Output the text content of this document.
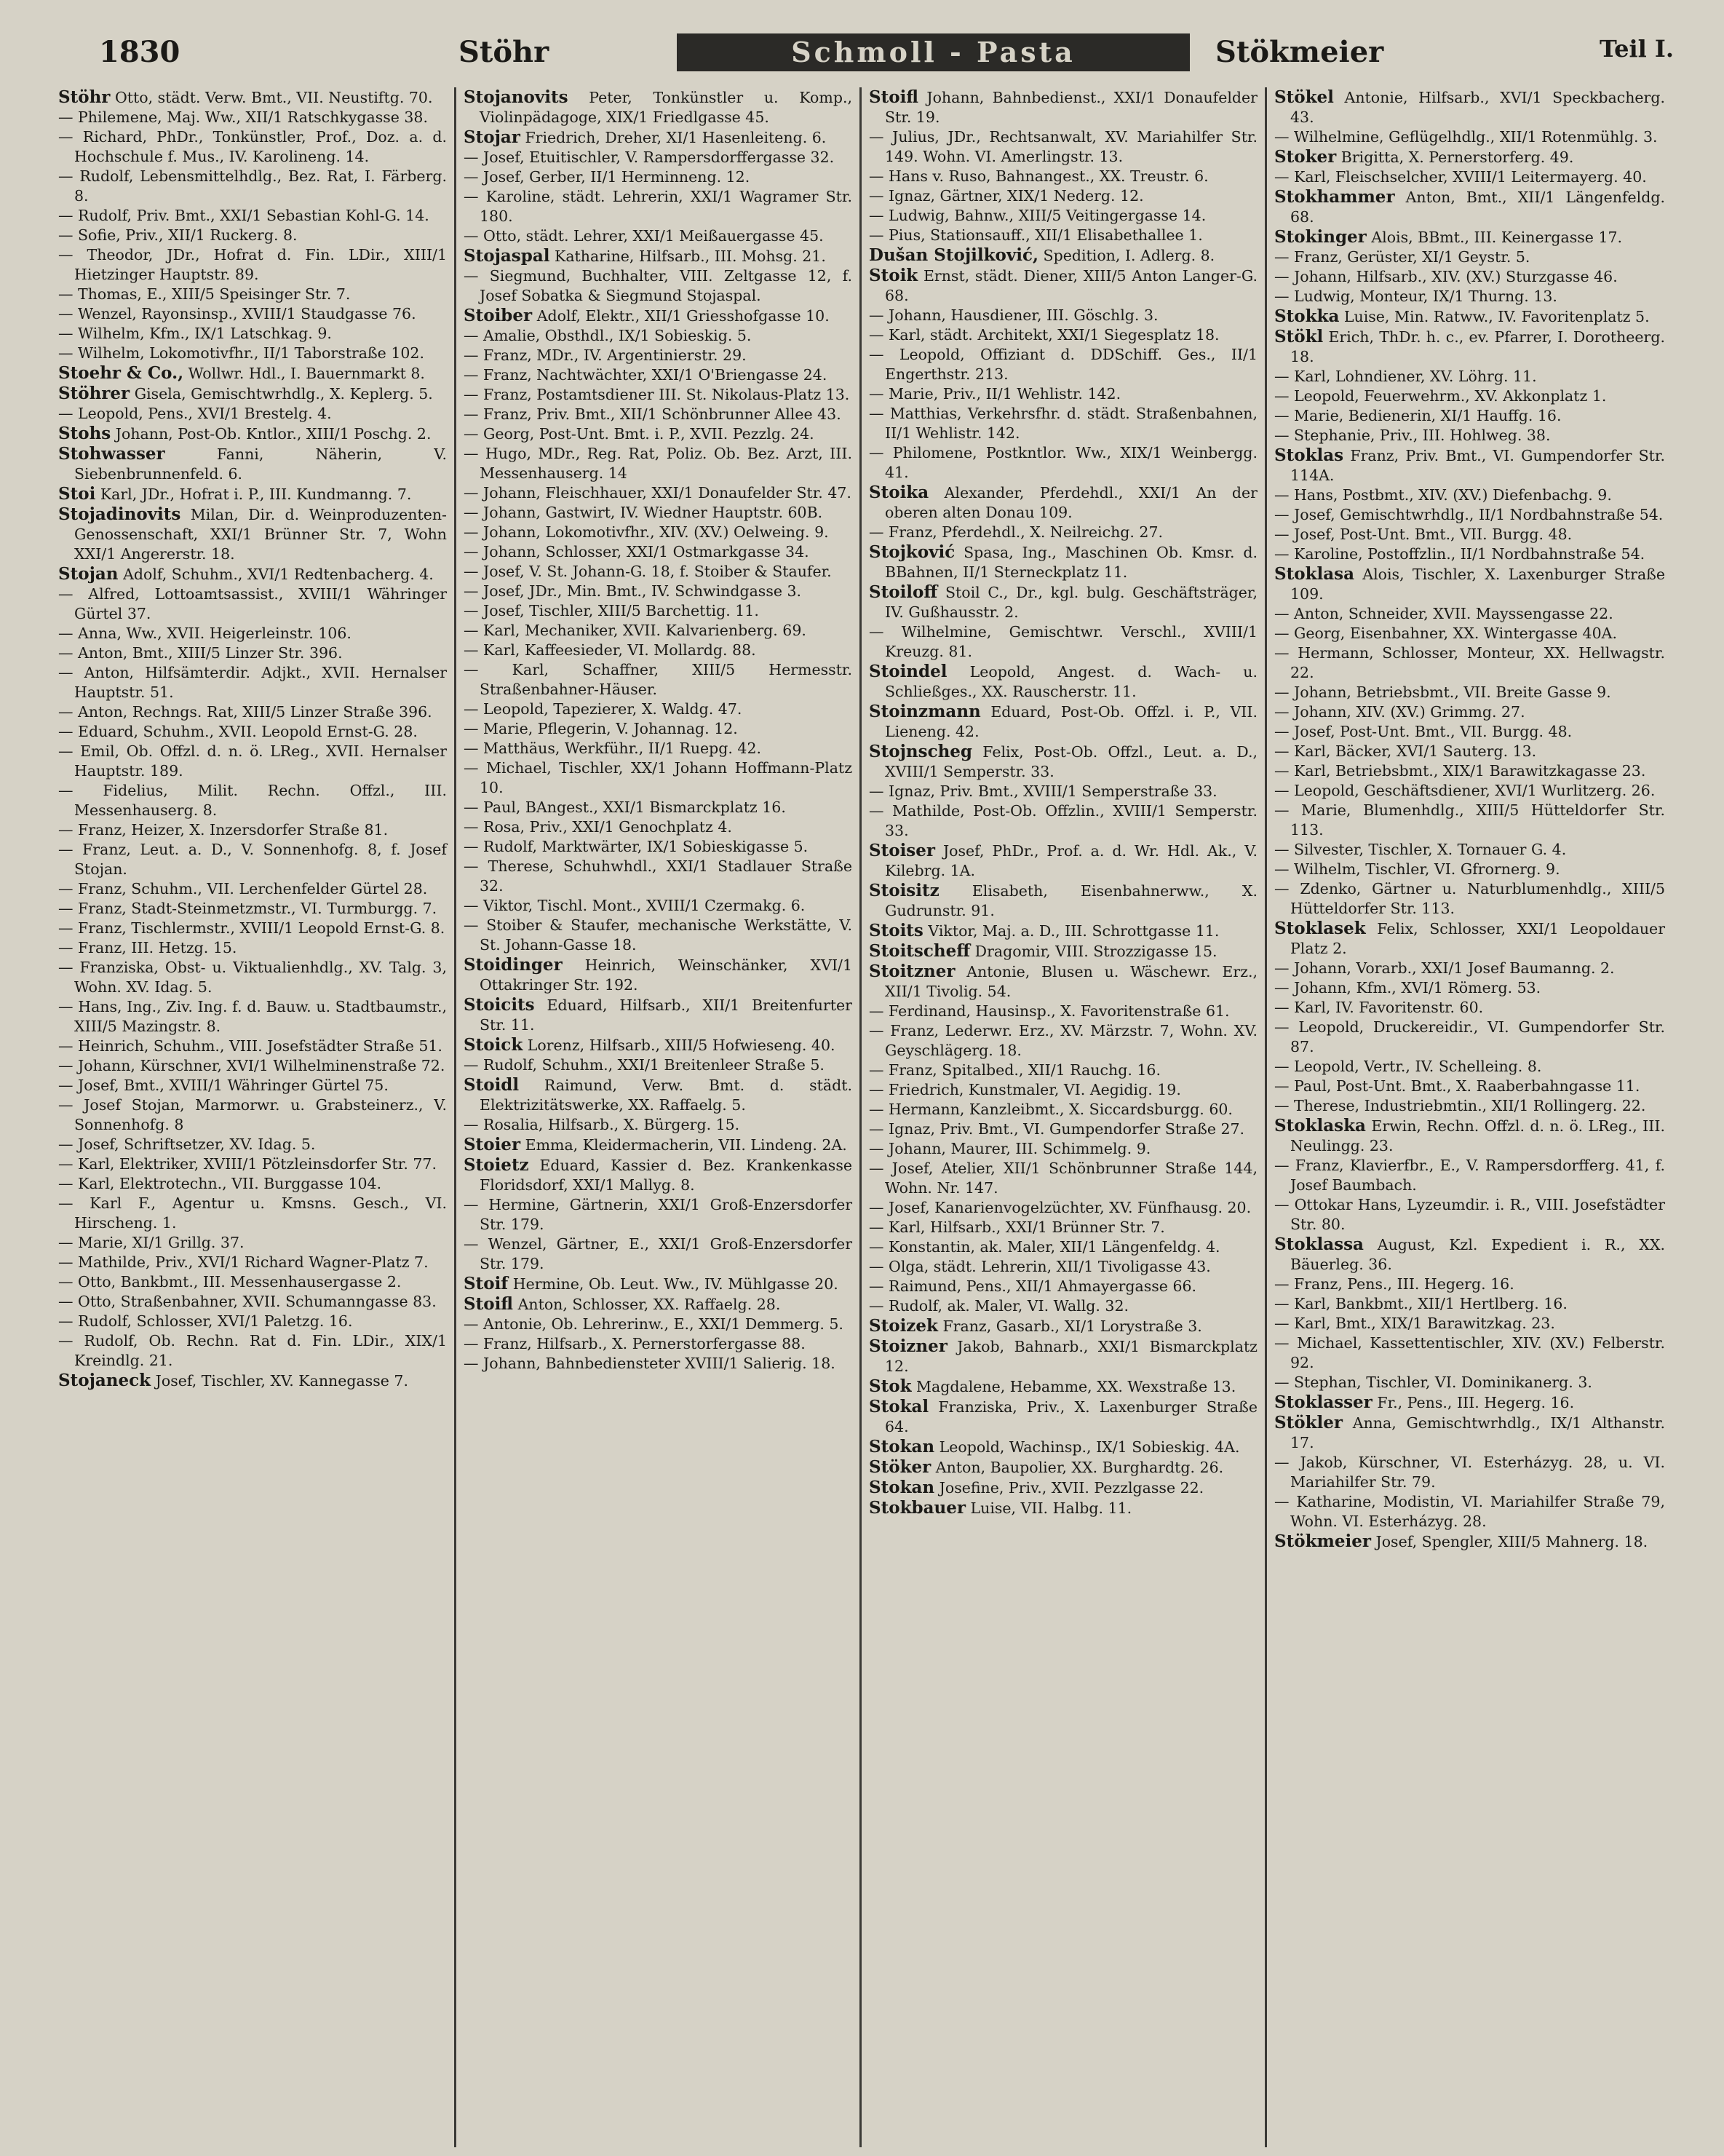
1830	Stöhr	Schmoll - Pasta	Stökmeier	Teil I.
Stöhr Otto, städt. Verw. Bmt., VII. Neustiftg. 70.
— Philemene, Maj. Ww., XII/1 Ratschkygasse 38.
— Richard, PhDr., Tonkünstler, Prof., Doz. a. d. Hochschule f. Mus., IV. Karolineng. 14.
— Rudolf, Lebensmittelhdlg., Bez. Rat, I. Färberg. 8.
— Rudolf, Priv. Bmt., XXI/1 Sebastian Kohl-G. 14.
— Sofie, Priv., XII/1 Ruckerg. 8.
— Theodor, JDr., Hofrat d. Fin. LDir., XIII/1 Hietzinger Hauptstr. 89.
— Thomas, E., XIII/5 Speisinger Str. 7.
— Wenzel, Rayonsinsp., XVIII/1 Staudgasse 76.
— Wilhelm, Kfm., IX/1 Latschkag. 9.
— Wilhelm, Lokomotivfhr., II/1 Taborstraße 102.
Stoehr & Co., Wollwr. Hdl., I. Bauernmarkt 8.
Stöhrer Gisela, Gemischtwrhdlg., X. Keplerg. 5.
— Leopold, Pens., XVI/1 Brestelg. 4.
Stohs Johann, Post-Ob. Kntlor., XIII/1 Poschg. 2.
Stohwasser	Fanni, Näherin, V. Siebenbrunnenfeld. 6.
Stoi Karl, JDr., Hofrat i. P., III. Kundmanng. 7.
Stojadinovits Milan, Dir. d. Weinproduzenten-Genossenschaft, XXI/1 Brünner Str. 7, Wohn XXI/1 Angererstr. 18.
Stojan Adolf, Schuhm., XVI/1 Redtenbacherg. 4.
— Alfred, Lottoamtsassist., XVIII/1 Währinger Gürtel 37.
— Anna, Ww., XVII. Heigerleinstr. 106.
— Anton, Bmt., XIII/5 Linzer Str. 396.
— Anton, Hilfsämterdir. Adjkt., XVII. Hernalser Hauptstr. 51.
— Anton, Rechngs. Rat, XIII/5 Linzer Straße 396.
— Eduard, Schuhm., XVII. Leopold Ernst-G. 28.
— Emil, Ob. Offzl. d. n. ö. LReg., XVII. Hernalser Hauptstr. 189.
— Fidelius, Milit. Rechn. Offzl., III. Messenhauserg. 8.
— Franz, Heizer, X. Inzersdorfer Straße 81.
— Franz, Leut. a. D., V. Sonnenhofg. 8, f. Josef Stojan.
— Franz, Schuhm., VII. Lerchenfelder Gürtel 28.
— Franz, Stadt-Steinmetzmstr., VI. Turmburgg. 7.
— Franz, Tischlermstr., XVIII/1 Leopold Ernst-G. 8.
— Franz, III. Hetzg. 15.
— Franziska, Obst- u. Viktualienhdlg., XV. Talg. 3, Wohn. XV. Idag. 5.
— Hans, Ing., Ziv. Ing. f. d. Bauw. u. Stadtbaumstr., XIII/5 Mazingstr. 8.
— Heinrich, Schuhm., VIII. Josefstädter Straße 51.
— Johann, Kürschner, XVI/1 Wilhelminenstraße 72.
— Josef, Bmt., XVIII/1 Währinger Gürtel 75.
— Josef Stojan, Marmorwr. u. Grabsteinerz., V. Sonnenhofg. 8
— Josef, Schriftsetzer, XV. Idag. 5.
— Karl, Elektriker, XVIII/1 Pötzleinsdorfer Str. 77.
— Karl, Elektrotechn., VII. Burggasse 104.
— Karl F., Agentur u. Kmsns. Gesch., VI. Hirscheng. 1.
— Marie, XI/1 Grillg. 37.
— Mathilde, Priv., XVI/1 Richard Wagner-Platz 7.
— Otto, Bankbmt., III. Messenhausergasse 2.
— Otto, Straßenbahner, XVII. Schumanngasse 83.
— Rudolf, Schlosser, XVI/1 Paletzg. 16.
— Rudolf, Ob. Rechn. Rat d. Fin. LDir., XIX/1 Kreindlg. 21.
Stojaneck Josef, Tischler, XV. Kannegasse 7.
Stojanovits Peter, Tonkünstler u. Komp., Violinpädagoge, XIX/1 Friedlgasse 45.
Stojar Friedrich, Dreher, XI/1 Hasenleiteng. 6.
— Josef, Etuitischler, V. Rampersdorffergasse 32.
— Josef, Gerber, II/1 Herminneng. 12.
— Karoline, städt. Lehrerin, XXI/1 Wagramer Str. 180.
— Otto, städt. Lehrer, XXI/1 Meißauergasse 45.
Stojaspal Katharine, Hilfsarb., III. Mohsg. 21.
— Siegmund, Buchhalter, VIII. Zeltgasse 12, f. Josef Sobatka & Siegmund Stojaspal.
Stoiber Adolf, Elektr., XII/1 Griesshofgasse 10.
— Amalie, Obsthdl., IX/1 Sobieskig. 5.
— Franz, MDr., IV. Argentinierstr. 29.
— Franz, Nachtwächter, XXI/1 O'Briengasse 24.
— Franz, Postamtsdiener III. St. Nikolaus-Platz 13.
— Franz, Priv. Bmt., XII/1 Schönbrunner Allee 43.
— Georg, Post-Unt. Bmt. i. P., XVII. Pezzlg. 24.
— Hugo, MDr., Reg. Rat, Poliz. Ob. Bez. Arzt, III. Messenhauserg. 14
— Johann, Fleischhauer, XXI/1 Donaufelder Str. 47.
— Johann, Gastwirt, IV. Wiedner Hauptstr. 60B.
— Johann, Lokomotivfhr., XIV. (XV.) Oelweing. 9.
— Johann, Schlosser, XXI/1 Ostmarkgasse 34.
— Josef, V. St. Johann-G. 18, f. Stoiber & Staufer.
— Josef, JDr., Min. Bmt., IV. Schwindgasse 3.
— Josef, Tischler, XIII/5 Barchettig. 11.
— Karl, Mechaniker, XVII. Kalvarienberg. 69.
— Karl, Kaffeesieder, VI. Mollardg. 88.
— Karl, Schaffner, XIII/5 Hermesstr. Straßenbahner-Häuser.
— Leopold, Tapezierer, X. Waldg. 47.
— Marie, Pflegerin, V. Johannag. 12.
— Matthäus, Werkführ., II/1 Ruepg. 42.
— Michael, Tischler, XX/1 Johann Hoffmann-Platz 10.
— Paul, BAngest., XXI/1 Bismarckplatz 16.
— Rosa, Priv., XXI/1 Genochplatz 4.
— Rudolf, Marktwärter, IX/1 Sobieskigasse 5.
— Therese, Schuhwhdl., XXI/1 Stadlauer Straße 32.
— Viktor, Tischl. Mont., XVIII/1 Czermakg. 6.
— Stoiber & Staufer, mechanische Werkstätte, V. St. Johann-Gasse 18.
Stoidinger Heinrich, Weinschänker, XVI/1 Ottakringer Str. 192.
Stoicits Eduard, Hilfsarb., XII/1 Breitenfurter Str. 11.
Stoick Lorenz, Hilfsarb., XIII/5 Hofwieseng. 40.
— Rudolf, Schuhm., XXI/1 Breitenleer Straße 5.
Stoidl Raimund, Verw. Bmt. d. städt. Elektrizitätswerke, XX. Raffaelg. 5.
— Rosalia, Hilfsarb., X. Bürgerg. 15.
Stoier Emma, Kleidermacherin, VII. Lindeng. 2A.
Stoietz Eduard, Kassier d. Bez. Krankenkasse Floridsdorf, XXI/1 Mallyg. 8.
— Hermine, Gärtnerin, XXI/1 Groß-Enzersdorfer Str. 179.
— Wenzel, Gärtner, E., XXI/1 Groß-Enzersdorfer Str. 179.
Stoif Hermine, Ob. Leut. Ww., IV. Mühlgasse 20.
Stoifl Anton, Schlosser, XX. Raffaelg. 28.
— Antonie, Ob. Lehrerinw., E., XXI/1 Demmerg. 5.
— Franz, Hilfsarb., X. Pernerstorfergasse 88.
— Johann, Bahnbediensteter XVIII/1 Salierig. 18.
Stoifl Johann, Bahnbedienst., XXI/1 Donaufelder Str. 19.
— Julius, JDr., Rechtsanwalt, XV. Mariahilfer Str. 149. Wohn. VI. Amerlingstr. 13.
— Hans v. Ruso, Bahnangest., XX. Treustr. 6.
— Ignaz, Gärtner, XIX/1 Nederg. 12.
— Ludwig, Bahnw., XIII/5 Veitingergasse 14.
— Pius, Stationsauff., XII/1 Elisabethallee 1.
Dušan Stojilković, Spedition, I. Adlerg. 8.
Stoik Ernst, städt. Diener, XIII/5 Anton Langer-G. 68.
— Johann, Hausdiener, III. Göschlg. 3.
— Karl, städt. Architekt, XXI/1 Siegesplatz 18.
— Leopold, Offiziant d. DDSchiff. Ges., II/1 Engerthstr. 213.
— Marie, Priv., II/1 Wehlistr. 142.
— Matthias, Verkehrsfhr. d. städt. Straßenbahnen, II/1 Wehlistr. 142.
— Philomene, Postkntlor. Ww., XIX/1 Weinbergg. 41.
Stoika Alexander, Pferdehdl., XXI/1 An der oberen alten Donau 109.
— Franz, Pferdehdl., X. Neilreichg. 27.
Stojković Spasa, Ing., Maschinen Ob. Kmsr. d. BBahnen, II/1 Sterneckplatz 11.
Stoiloff Stoil C., Dr., kgl. bulg. Geschäftsträger, IV. Gußhausstr. 2.
— Wilhelmine, Gemischtwr. Verschl., XVIII/1 Kreuzg. 81.
Stoindel Leopold, Angest. d. Wach- u. Schließges., XX. Rauscherstr. 11.
Stoinzmann Eduard, Post-Ob. Offzl. i. P., VII. Lieneng. 42.
Stojnscheg Felix, Post-Ob. Offzl., Leut. a. D., XVIII/1 Semperstr. 33.
— Ignaz, Priv. Bmt., XVIII/1 Semperstraße 33.
— Mathilde, Post-Ob. Offzlin., XVIII/1 Semperstr. 33.
Stoiser Josef, PhDr., Prof. a. d. Wr. Hdl. Ak., V. Kilebrg. 1A.
Stoisitz Elisabeth, Eisenbahnerww., X. Gudrunstr. 91.
Stoits Viktor, Maj. a. D., III. Schrottgasse 11.
Stoitscheff Dragomir, VIII. Strozzigasse 15.
Stoitzner Antonie, Blusen u. Wäschewr. Erz., XII/1 Tivolig. 54.
— Ferdinand, Hausinsp., X. Favoritenstraße 61.
— Franz, Lederwr. Erz., XV. Märzstr. 7, Wohn. XV. Geyschlägerg. 18.
— Franz, Spitalbed., XII/1 Rauchg. 16.
— Friedrich, Kunstmaler, VI. Aegidig. 19.
— Hermann, Kanzleibmt., X. Siccardsburgg. 60.
— Ignaz, Priv. Bmt., VI. Gumpendorfer Straße 27.
— Johann, Maurer, III. Schimmelg. 9.
— Josef, Atelier, XII/1 Schönbrunner Straße 144, Wohn. Nr. 147.
— Josef, Kanarienvogelzüchter, XV. Fünfhausg. 20.
— Karl, Hilfsarb., XXI/1 Brünner Str. 7.
— Konstantin, ak. Maler, XII/1 Längenfeldg. 4.
— Olga, städt. Lehrerin, XII/1 Tivoligasse 43.
— Raimund, Pens., XII/1 Ahmayergasse 66.
— Rudolf, ak. Maler, VI. Wallg. 32.
Stoizek Franz, Gasarb., XI/1 Lorystraße 3.
Stoizner Jakob, Bahnarb., XXI/1 Bismarckplatz 12.
Stok Magdalene, Hebamme, XX. Wexstraße 13.
Stokal Franziska, Priv., X. Laxenburger Straße 64.
Stokan Leopold, Wachinsp., IX/1 Sobieskig. 4A.
Stöker Anton, Baupolier, XX. Burghardtg. 26.
Stokan Josefine, Priv., XVII. Pezzlgasse 22.
Stokbauer Luise, VII. Halbg. 11.
Stökel Antonie, Hilfsarb., XVI/1 Speckbacherg. 43.
— Wilhelmine, Geflügelhdlg., XII/1 Rotenmühlg. 3.
Stoker Brigitta, X. Pernerstorferg. 49.
— Karl, Fleischselcher, XVIII/1 Leitermayerg. 40.
Stokhammer Anton, Bmt., XII/1 Längenfeldg. 68.
Stokinger Alois, BBmt., III. Keinergasse 17.
— Franz, Gerüster, XI/1 Geystr. 5.
— Johann, Hilfsarb., XIV. (XV.) Sturzgasse 46.
— Ludwig, Monteur, IX/1 Thurng. 13.
Stokka Luise, Min. Ratww., IV. Favoritenplatz 5.
Stökl Erich, ThDr. h. c., ev. Pfarrer, I. Dorotheerg. 18.
— Karl, Lohndiener, XV. Löhrg. 11.
— Leopold, Feuerwehrm., XV. Akkonplatz 1.
— Marie, Bedienerin, XI/1 Hauffg. 16.
— Stephanie, Priv., III. Hohlweg. 38.
Stoklas Franz, Priv. Bmt., VI. Gumpendorfer Str. 114A.
— Hans, Postbmt., XIV. (XV.) Diefenbachg. 9.
— Josef, Gemischtwrhdlg., II/1 Nordbahnstraße 54.
— Josef, Post-Unt. Bmt., VII. Burgg. 48.
— Karoline, Postoffzlin., II/1 Nordbahnstraße 54.
Stoklasa Alois, Tischler, X. Laxenburger Straße 109.
— Anton, Schneider, XVII. Mayssengasse 22.
— Georg, Eisenbahner, XX. Wintergasse 40A.
— Hermann, Schlosser, Monteur, XX. Hellwagstr. 22.
— Johann, Betriebsbmt., VII. Breite Gasse 9.
— Johann, XIV. (XV.) Grimmg. 27.
— Josef, Post-Unt. Bmt., VII. Burgg. 48.
— Karl, Bäcker, XVI/1 Sauterg. 13.
— Karl, Betriebsbmt., XIX/1 Barawitzkagasse 23.
— Leopold, Geschäftsdiener, XVI/1 Wurlitzerg. 26.
— Marie, Blumenhdlg., XIII/5 Hütteldorfer Str. 113.
— Silvester, Tischler, X. Tornauer G. 4.
— Wilhelm, Tischler, VI. Gfrornerg. 9.
— Zdenko, Gärtner u. Naturblumenhdlg., XIII/5 Hütteldorfer Str. 113.
Stoklasek Felix, Schlosser, XXI/1 Leopoldauer Platz 2.
— Johann, Vorarb., XXI/1 Josef Baumanng. 2.
— Johann, Kfm., XVI/1 Römerg. 53.
— Karl, IV. Favoritenstr. 60.
— Leopold, Druckereidir., VI. Gumpendorfer Str. 87.
— Leopold, Vertr., IV. Schelleing. 8.
— Paul, Post-Unt. Bmt., X. Raaberbahngasse 11.
— Therese, Industriebmtin., XII/1 Rollingerg. 22.
Stoklaska Erwin, Rechn. Offzl. d. n. ö. LReg., III. Neulingg. 23.
— Franz, Klavierfbr., E., V. Rampersdorfferg. 41, f. Josef Baumbach.
— Ottokar Hans, Lyzeumdir. i. R., VIII. Josefstädter Str. 80.
Stoklassa August, Kzl. Expedient i. R., XX. Bäuerleg. 36.
— Franz, Pens., III. Hegerg. 16.
— Karl, Bankbmt., XII/1 Hertlberg. 16.
— Karl, Bmt., XIX/1 Barawitzkag. 23.
— Michael, Kassettentischler, XIV. (XV.) Felberstr. 92.
— Stephan, Tischler, VI. Dominikanerg. 3.
Stoklasser Fr., Pens., III. Hegerg. 16.
Stökler Anna, Gemischtwrhdlg., IX/1 Althanstr. 17.
— Jakob, Kürschner, VI. Esterházyg. 28, u. VI. Mariahilfer Str. 79.
— Katharine, Modistin, VI. Mariahilfer Straße 79, Wohn. VI. Esterházyg. 28.
Stökmeier Josef, Spengler, XIII/5 Mahnerg. 18.
